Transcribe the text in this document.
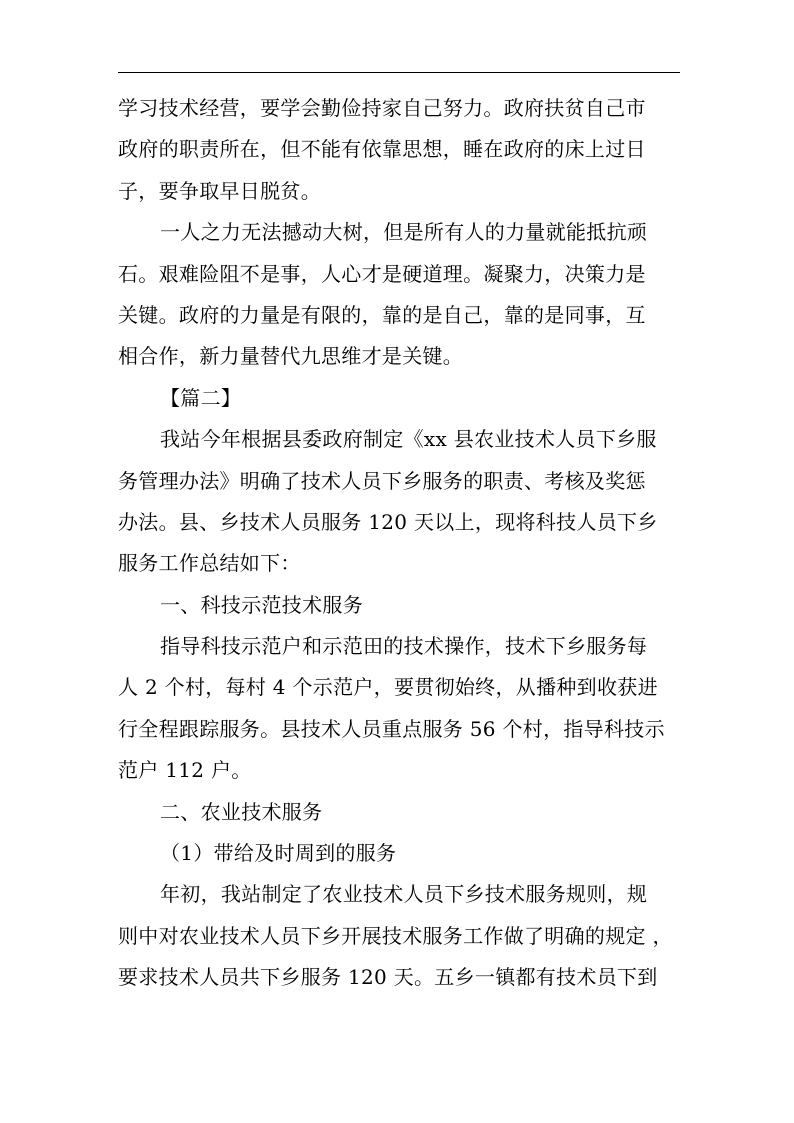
学习技术经营，要学会勤俭持家自己努力。政府扶贫自己市
政府的职责所在，但不能有依靠思想，睡在政府的床上过日
子，要争取早日脱贫。
一人之力无法撼动大树，但是所有人的力量就能抵抗顽
石。艰难险阻不是事，人心才是硬道理。凝聚力，决策力是
关键。政府的力量是有限的，靠的是自己，靠的是同事，互
相合作，新力量替代九思维才是关键。
【篇二】
我站今年根据县委政府制定《xx 县农业技术人员下乡服
务管理办法》明确了技术人员下乡服务的职责、考核及奖惩
办法。县、乡技术人员服务 120 天以上，现将科技人员下乡
服务工作总结如下：
一、科技示范技术服务
指导科技示范户和示范田的技术操作，技术下乡服务每
人 2 个村，每村 4 个示范户，要贯彻始终，从播种到收获进
行全程跟踪服务。县技术人员重点服务 56 个村，指导科技示
范户 112 户。
二、农业技术服务
（1）带给及时周到的服务
年初，我站制定了农业技术人员下乡技术服务规则，规
则中对农业技术人员下乡开展技术服务工作做了明确的规定 ，
要求技术人员共下乡服务 120 天。五乡一镇都有技术员下到
